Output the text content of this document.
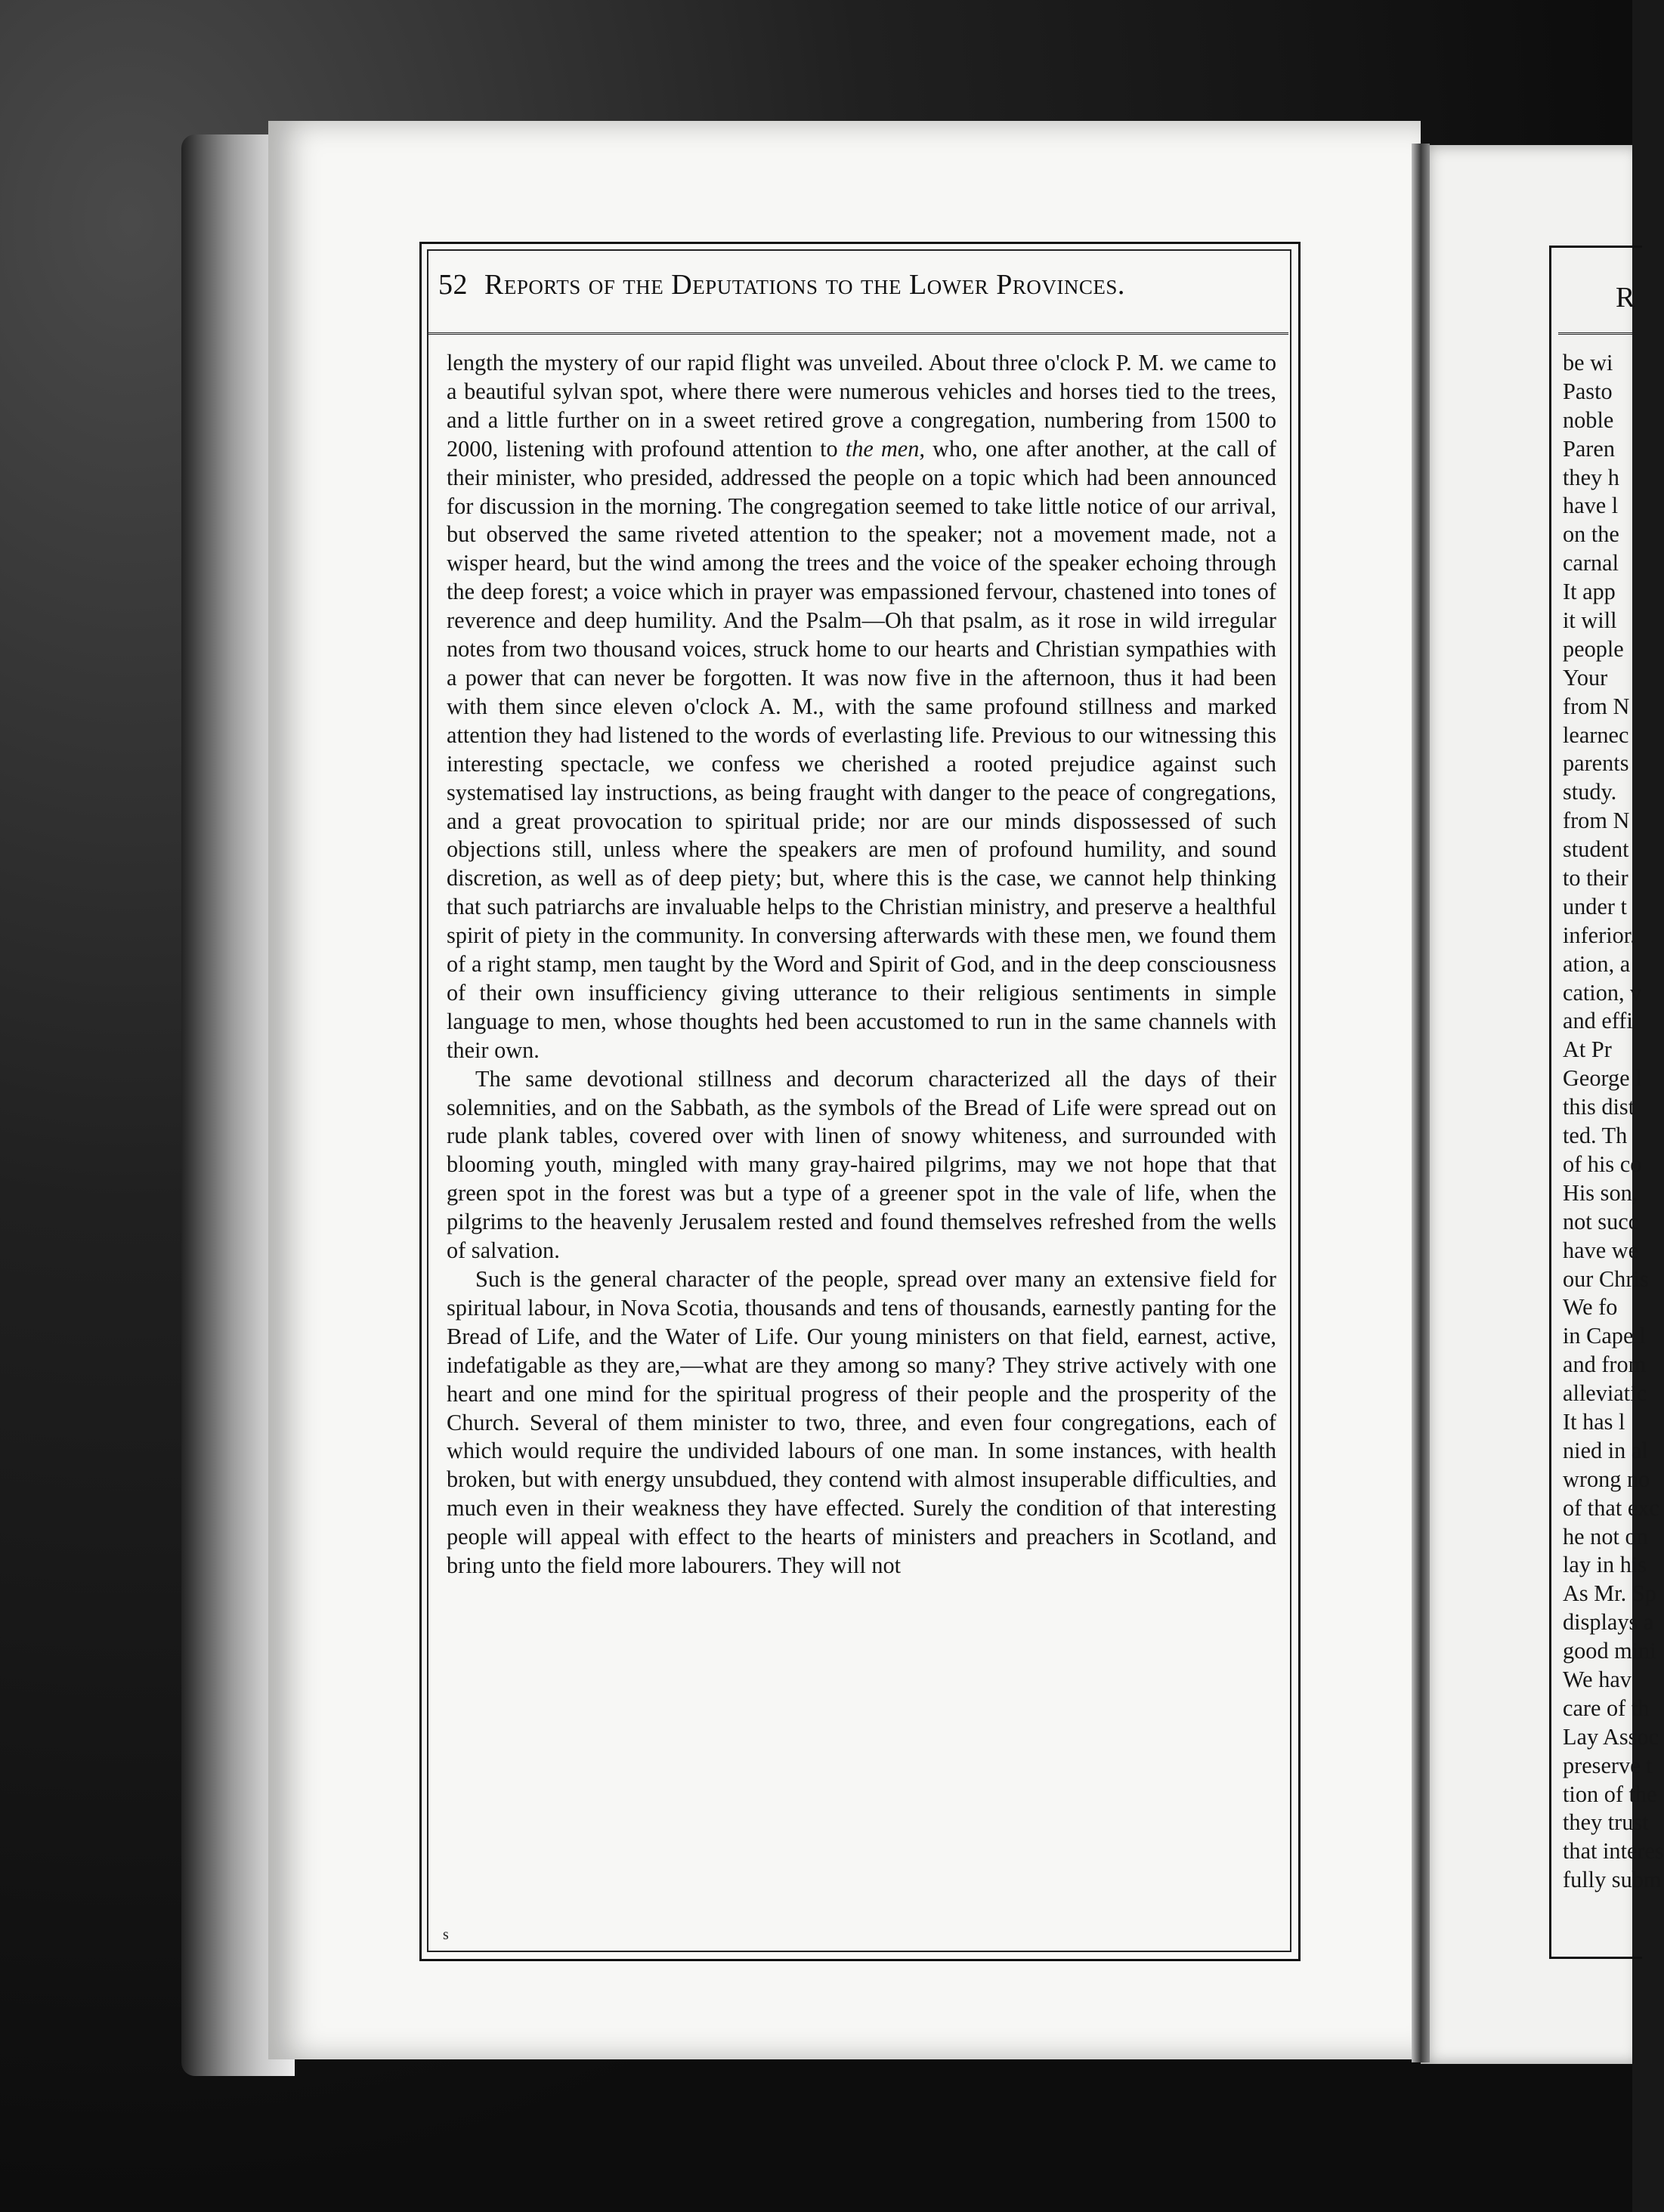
52 Reports of the Deputations to the Lower Provinces.

length the mystery of our rapid flight was unveiled. About three o'clock P. M. we came to a beautiful sylvan spot, where there were numerous vehicles and horses tied to the trees, and a little further on in a sweet retired grove a congregation, numbering from 1500 to 2000, listening with profound attention to the men, who, one after another, at the call of their minister, who presided, addressed the people on a topic which had been announced for discussion in the morning. The congregation seemed to take little notice of our arrival, but observed the same riveted attention to the speaker; not a movement made, not a wisper heard, but the wind among the trees and the voice of the speaker echoing through the deep forest; a voice which in prayer was empassioned fervour, chastened into tones of reverence and deep humility. And the Psalm—Oh that psalm, as it rose in wild irregular notes from two thousand voices, struck home to our hearts and Christian sympathies with a power that can never be forgotten. It was now five in the afternoon, thus it had been with them since eleven o'clock A. M., with the same profound stillness and marked attention they had listened to the words of everlasting life. Previous to our witnessing this interesting spectacle, we confess we cherished a rooted prejudice against such systematised lay instructions, as being fraught with danger to the peace of congregations, and a great provocation to spiritual pride; nor are our minds dispossessed of such objections still, unless where the speakers are men of profound humility, and sound discretion, as well as of deep piety; but, where this is the case, we cannot help thinking that such patriarchs are invaluable helps to the Christian ministry, and preserve a healthful spirit of piety in the community. In conversing afterwards with these men, we found them of a right stamp, men taught by the Word and Spirit of God, and in the deep consciousness of their own insufficiency giving utterance to their religious sentiments in simple language to men, whose thoughts hed been accustomed to run in the same channels with their own.

The same devotional stillness and decorum characterized all the days of their solemnities, and on the Sabbath, as the symbols of the Bread of Life were spread out on rude plank tables, covered over with linen of snowy whiteness, and surrounded with blooming youth, mingled with many gray-haired pilgrims, may we not hope that that green spot in the forest was but a type of a greener spot in the vale of life, when the pilgrims to the heavenly Jerusalem rested and found themselves refreshed from the wells of salvation.

Such is the general character of the people, spread over many an extensive field for spiritual labour, in Nova Scotia, thousands and tens of thousands, earnestly panting for the Bread of Life, and the Water of Life. Our young ministers on that field, earnest, active, indefatigable as they are,—what are they among so many? They strive actively with one heart and one mind for the spiritual progress of their people and the prosperity of the Church. Several of them minister to two, three, and even four congregations, each of which would require the undivided labours of one man. In some instances, with health broken, but with energy unsubdued, they contend with almost insuperable difficulties, and much even in their weakness they have effected. Surely the condition of that interesting people will appeal with effect to the hearts of ministers and preachers in Scotland, and bring unto the field more labourers. They will not

s
R
be wi
Pasto
noble
Paren
they h
have l
on the
carnal
It app
it will
people
Your
from N
learnec
parents
study.
from N
student
to their
under t
inferior.
ation, a
cation, v
and effi
At Pr
George l
this dist
ted. Th
of his co
His son,
not succ
have we
our Chris
We fo
in Cape l
and from
alleviatic
It has l
nied in al
wrong no
of that exc
he not on
lay in his
As Mr. Sp
displays a
good mini
We hav
care of th
Lay Assoc
preserve t
tion of the
they trust
that interes
fully subm
